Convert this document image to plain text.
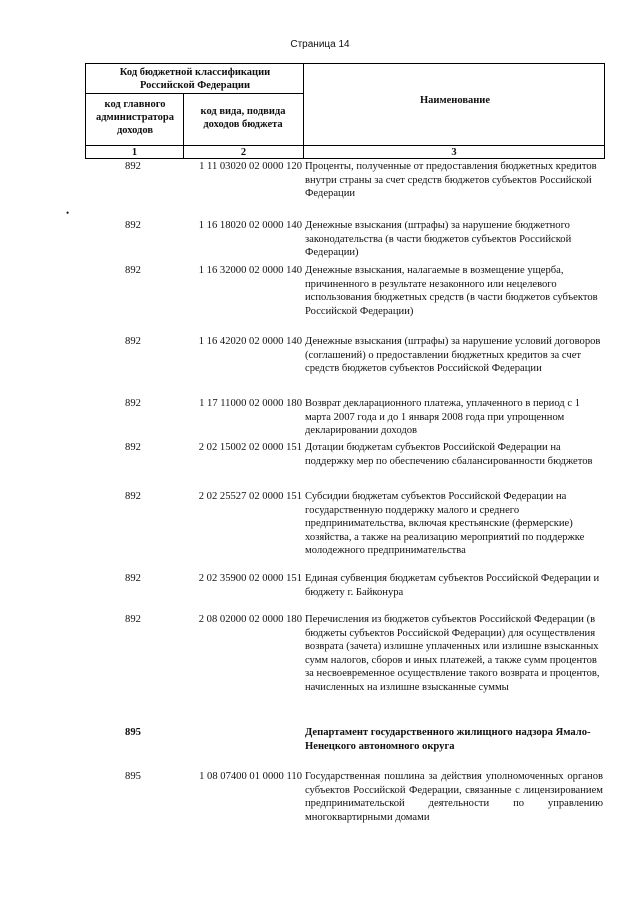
Страница 14
Код бюджетной классификации Российской Федерации
код главного администратора доходов
код вида, подвида доходов бюджета
Наименование
1	2	3
•
892	1 11 03020 02 0000 120 Проценты, полученные от предоставления бюджетных кредитов внутри страны за счет средств бюджетов субъектов Российской Федерации
892	1 16 18020 02 0000 140 Денежные взыскания (штрафы) за нарушение бюджетного законодательства (в части бюджетов субъектов Российской Федерации)
892	1 16 32000 02 0000 140 Денежные взыскания, налагаемые в возмещение ущерба, причиненного в результате незаконного или нецелевого использования бюджетных средств (в части бюджетов субъектов Российской Федерации)
892	1 16 42020 02 0000 140 Денежные взыскания (штрафы) за нарушение условий договоров (соглашений) о предоставлении бюджетных кредитов за счет средств бюджетов субъектов Российской Федерации
892	1 17 11000 02 0000 180 Возврат декларационного платежа, уплаченного в период с 1 марта 2007 года и до 1 января 2008 года при упрощенном декларировании доходов
892	2 02 15002 02 0000 151 Дотации бюджетам субъектов Российской Федерации на поддержку мер по обеспечению сбалансированности бюджетов
892	2 02 25527 02 0000 151 Субсидии бюджетам субъектов Российской Федерации на государственную поддержку малого и среднего предпринимательства, включая крестьянские (фермерские) хозяйства, а также на реализацию мероприятий по поддержке молодежного предпринимательства
892	2 02 35900 02 0000 151 Единая субвенция бюджетам субъектов Российской Федерации и бюджету г. Байконура
892	2 08 02000 02 0000 180 Перечисления из бюджетов субъектов Российской Федерации (в бюджеты субъектов Российской Федерации) для осуществления возврата (зачета) излишне уплаченных или излишне взысканных сумм налогов, сборов и иных платежей, а также сумм процентов за несвоевременное осуществление такого возврата и процентов, начисленных на излишне взысканные суммы
895	Департамент государственного жилищного надзора Ямало-Ненецкого автономного округа
895	1 08 07400 01 0000 110 Государственная пошлина за действия уполномоченных органов субъектов Российской Федерации, связанные с лицензированием предпринимательской деятельности по управлению многоквартирными домами
